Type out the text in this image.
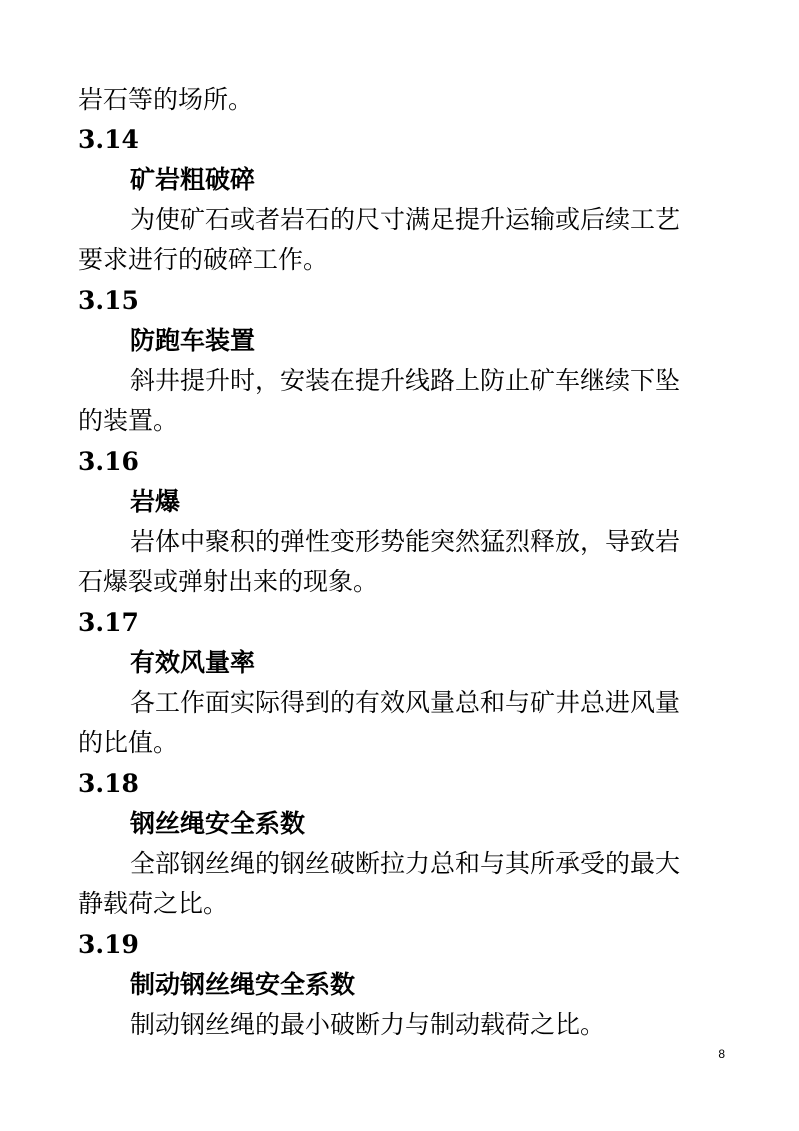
岩石等的场所。
3.14
矿岩粗破碎
为使矿石或者岩石的尺寸满足提升运输或后续工艺
要求进行的破碎工作。
3.15
防跑车装置
斜井提升时，安装在提升线路上防止矿车继续下坠
的装置。
3.16
岩爆
岩体中聚积的弹性变形势能突然猛烈释放，导致岩
石爆裂或弹射出来的现象。
3.17
有效风量率
各工作面实际得到的有效风量总和与矿井总进风量
的比值。
3.18
钢丝绳安全系数
全部钢丝绳的钢丝破断拉力总和与其所承受的最大
静载荷之比。
3.19
制动钢丝绳安全系数
制动钢丝绳的最小破断力与制动载荷之比。
8
